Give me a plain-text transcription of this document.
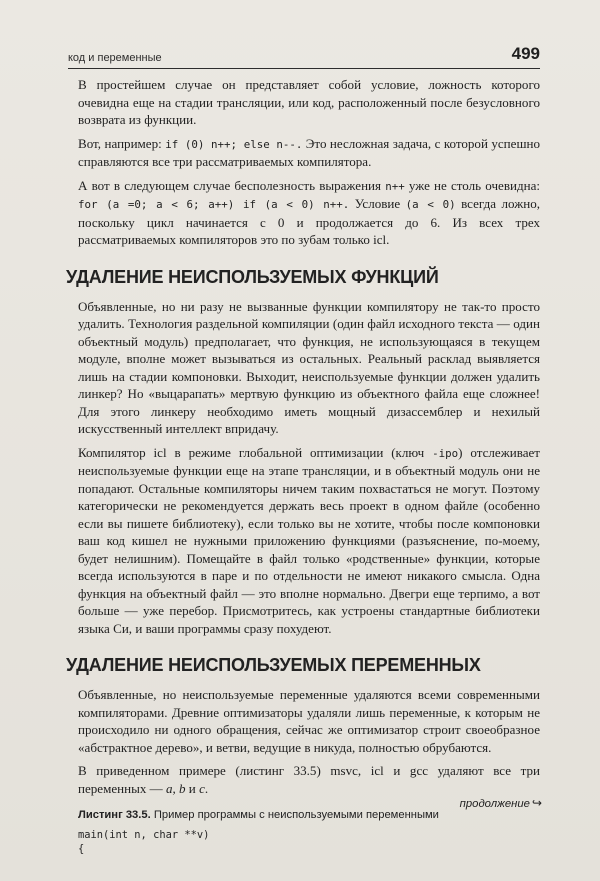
код и переменные	499

В простейшем случае он представляет собой условие, ложность которого очевидна еще на стадии трансляции, или код, расположенный после безусловного возврата из функции.

Вот, например: if (0) n++; else n--. Это несложная задача, с которой успешно справляются все три рассматриваемых компилятора.

А вот в следующем случае бесполезность выражения n++ уже не столь очевидна: for (a =0; a < 6; a++) if (a < 0) n++. Условие (a < 0) всегда ложно, поскольку цикл начинается с 0 и продолжается до 6. Из всех трех рассматриваемых компиляторов это по зубам только icl.

УДАЛЕНИЕ НЕИСПОЛЬЗУЕМЫХ ФУНКЦИЙ

Объявленные, но ни разу не вызванные функции компилятору не так-то просто удалить. Технология раздельной компиляции (один файл исходного текста — один объектный модуль) предполагает, что функция, не использующаяся в текущем модуле, вполне может вызываться из остальных. Реальный расклад выявляется лишь на стадии компоновки. Выходит, неиспользуемые функции должен удалить линкер? Но «выцарапать» мертвую функцию из объектного файла еще сложнее! Для этого линкеру необходимо иметь мощный дизассемблер и нехилый искусственный интеллект впридачу.

Компилятор icl в режиме глобальной оптимизации (ключ -ipo) отслеживает неиспользуемые функции еще на этапе трансляции, и в объектный модуль они не попадают. Остальные компиляторы ничем таким похвастаться не могут. Поэтому категорически не рекомендуется держать весь проект в одном файле (особенно если вы пишете библиотеку), если только вы не хотите, чтобы после компоновки ваш код кишел не нужными приложению функциями (разъяснение, по-моему, будет нелишним). Помещайте в файл только «родственные» функции, которые всегда используются в паре и по отдельности не имеют никакого смысла. Одна функция на объектный файл — это вполне нормально. Двегри еще терпимо, а вот больше — уже перебор. Присмотритесь, как устроены стандартные библиотеки языка Си, и ваши программы сразу похудеют.

УДАЛЕНИЕ НЕИСПОЛЬЗУЕМЫХ ПЕРЕМЕННЫХ

Объявленные, но неиспользуемые переменные удаляются всеми современными компиляторами. Древние оптимизаторы удаляли лишь переменные, к которым не происходило ни одного обращения, сейчас же оптимизатор строит своеобразное «абстрактное дерево», и ветви, ведущие в никуда, полностью обрубаются.

В приведенном примере (листинг 33.5) msvc, icl и gcc удаляют все три переменных — a, b и c.

Листинг 33.5. Пример программы с неиспользуемыми переменными
main(int n, char **v)
{
продолжение ↪
